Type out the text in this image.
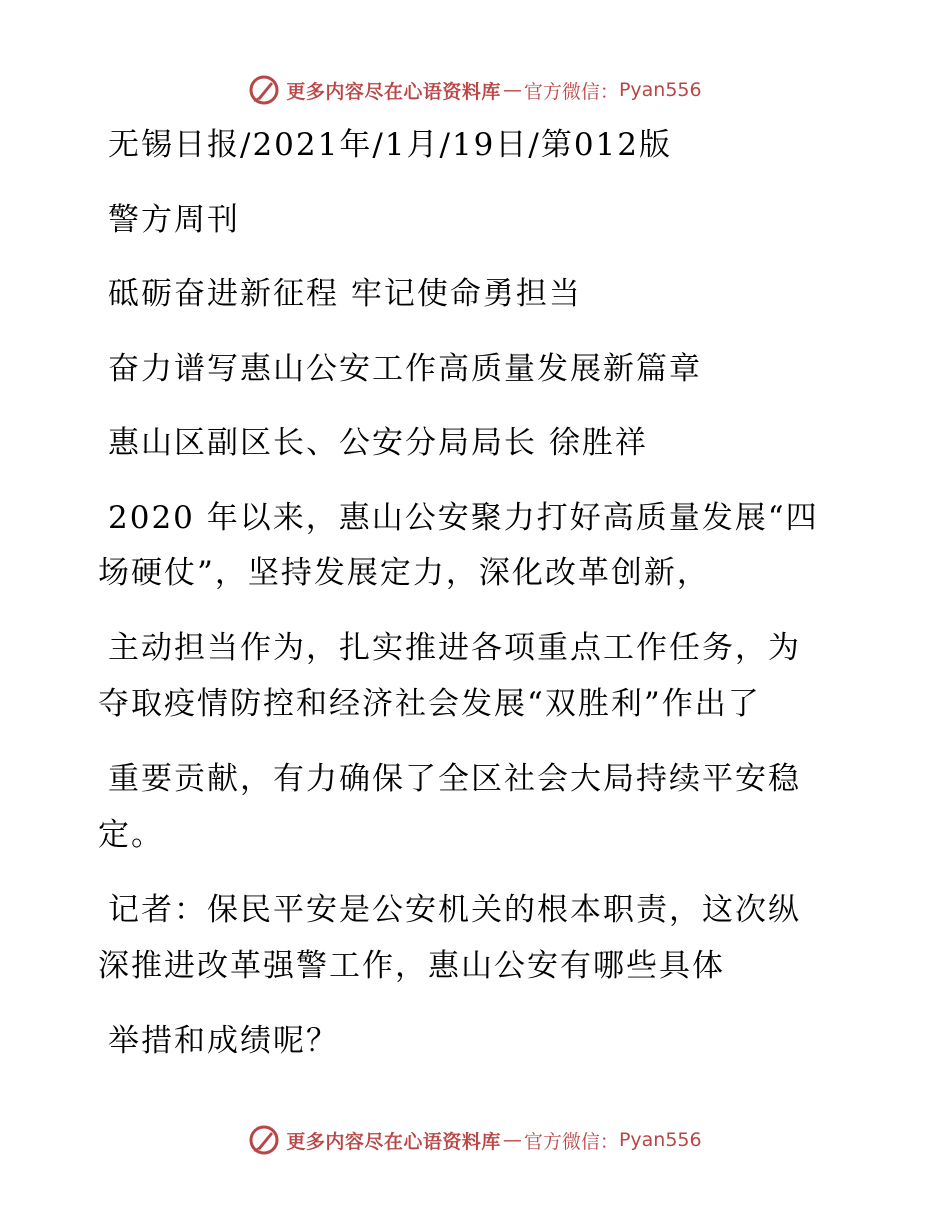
更多内容尽在心语资料库 — 官方微信： Pyan556
无锡日报/2021年/1月/19日/第012版
警方周刊
砥砺奋进新征程 牢记使命勇担当
奋力谱写惠山公安工作高质量发展新篇章
惠山区副区长、公安分局局长 徐胜祥
2020 年以来，惠山公安聚力打好高质量发展“四
场硬仗”，坚持发展定力，深化改革创新，
主动担当作为，扎实推进各项重点工作任务，为
夺取疫情防控和经济社会发展“双胜利”作出了
重要贡献，有力确保了全区社会大局持续平安稳
定。
记者：保民平安是公安机关的根本职责，这次纵
深推进改革强警工作，惠山公安有哪些具体
举措和成绩呢？
更多内容尽在心语资料库 — 官方微信： Pyan556
